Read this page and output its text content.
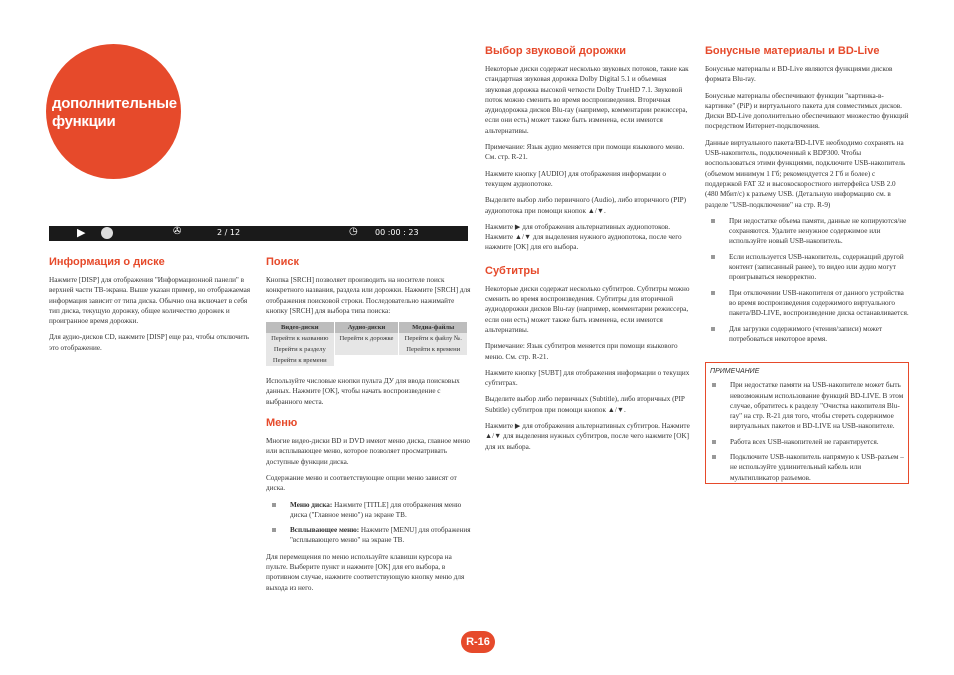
дополнительные
функции
▶	✇	2 / 12	◷ 00 :00 : 23
Информация о диске

Нажмите [DISP] для отображения "Информационной панели" в верхней части ТВ-экрана. Выше указан пример, но отображаемая информация зависит от типа диска. Обычно она включает в себя тип диска, текущую дорожку, общее количество дорожек и проигранное время дорожки.

Для аудио-дисков CD, нажмите [DISP] еще раз, чтобы отключить это отображение.

Поиск

Кнопка [SRCH] позволяет производить на носителе поиск конкретного названия, раздела или дорожки. Нажмите [SRCH] для отображения поисковой строки. Последовательно нажимайте кнопку [SRCH] для выбора типа поиска:

Видео-диски	Аудио-диски	Медиа-файлы
Перейти к названию	Перейти к дорожке	Перейти к файлу №.
Перейти к разделу		Перейти к времени
Перейти к времени		

Используйте числовые кнопки пульта ДУ для ввода поисковых данных. Нажмите [OK], чтобы начать воспроизведение с выбранного места.

Меню

Многие видео-диски BD и DVD имеют меню диска, главное меню или всплывающее меню, которое позволяет просматривать доступные функции диска.

Содержание меню и соответствующие опции меню зависят от диска.

Меню диска: Нажмите [TITLE] для отображения меню диска ("Главное меню") на экране ТВ.
Всплывающее меню: Нажмите [MENU] для отображения "всплывающего меню" на экране ТВ.

Для перемещения по меню используйте клавиши курсора на пульте. Выберите пункт и нажмите [OK] для его выбора, в противном случае, нажмите соответствующую кнопку меню для выхода из него.

Выбор звуковой дорожки

Некоторые диски содержат несколько звуковых потоков, такие как стандартная звуковая дорожка Dolby Digital 5.1 и объемная звуковая дорожка высокой четкости Dolby TrueHD 7.1. Звуковой поток можно сменить во время воспроизведения. Вторичная аудиодорожка дисков Blu-ray (например, комментарии режиссера, если они есть) может также быть изменена, если имеются альтернативы.

Примечание: Язык аудио меняется при помощи языкового меню. См. стр. R-21.

Нажмите кнопку [AUDIO] для отображения информации о текущем аудиопотоке.

Выделите выбор либо первичного (Audio), либо вторичного (PIP) аудиопотока при помощи кнопок ▲/▼.

Нажмите ▶ для отображения альтернативных аудиопотоков. Нажмите ▲/▼ для выделения нужного аудиопотока, после чего нажмите [OK] для его выбора.

Субтитры

Некоторые диски содержат несколько субтитров. Субтитры можно сменить во время воспроизведения. Субтитры для вторичной аудиодорожки дисков Blu-ray (например, комментарии режиссера, если они есть) может также быть изменена, если имеются альтернативы.

Примечание: Язык субтитров меняется при помощи языкового меню. См. стр. R-21.

Нажмите кнопку [SUBT] для отображения информации о текущих субтитрах.

Выделите выбор либо первичных (Subtitle), либо вторичных (PIP Subtitle) субтитров при помощи кнопок ▲/▼.

Нажмите ▶ для отображения альтернативных субтитров. Нажмите ▲/▼ для выделения нужных субтитров, после чего нажмите [OK] для их выбора.

Бонусные материалы и BD-Live

Бонусные материалы и BD-Live являются функциями дисков формата Blu-ray.

Бонусные материалы обеспечивают функции "картинка-в-картинке" (PiP) и виртуального пакета для совместимых дисков. Диски BD-Live дополнительно обеспечивают множество функций посредством Интернет-подключения.

Данные виртуального пакета/BD-LIVE необходимо сохранять на USB-накопитель, подключенный к BDP300. Чтобы воспользоваться этими функциями, подключите USB-накопитель (объемом минимум 1 Гб; рекомендуется 2 Гб и более) с поддержкой FAT 32 и высокоскоростного интерфейса USB 2.0 (480 Мбит/с) к разъему USB. (Детальную информацию см. в разделе "USB-подключение" на стр. R-9)

При недостатке объема памяти, данные не копируются/не сохраняются. Удалите ненужное содержимое или используйте новый USB-накопитель.
Если используется USB-накопитель, содержащий другой контент (записанный ранее), то видео или аудио могут проигрываться некорректно.
При отключении USB-накопителя от данного устройства во время воспроизведения содержимого виртуального пакета/BD-LIVE, воспроизведение диска останавливается.
Для загрузки содержимого (чтения/записи) может потребоваться некоторое время.
ПРИМЕЧАНИЕ
При недостатке памяти на USB-накопителе может быть невозможным использование функций BD-LIVE. В этом случае, обратитесь к разделу "Очистка накопителя Blu-ray" на стр. R-21 для того, чтобы стереть содержимое виртуальных пакетов и BD-LIVE на USB-накопителе.
Работа всех USB-накопителей не гарантируется.
Подключите USB-накопитель напрямую к USB-разъем – не используйте удлинительный кабель или мультипликатор разъемов.
R-16
